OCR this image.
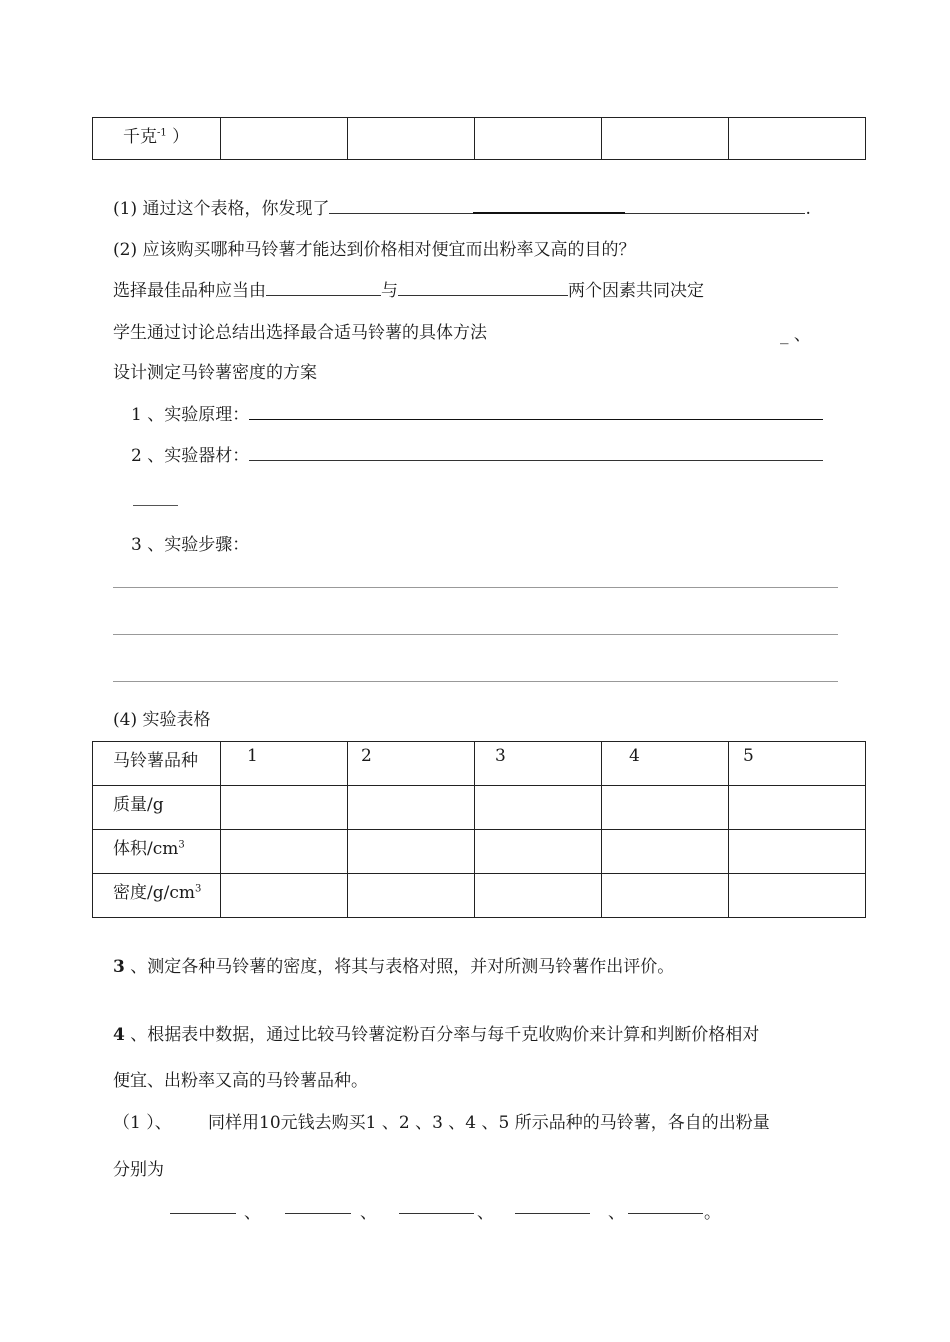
千克$^{-1}$ ）

(1) 通过这个表格，你发现了	.
(2) 应该购买哪种马铃薯才能达到价格相对便宜而出粉率又高的目的？
选择最佳品种应当由	与	两个因素共同决定
学生通过讨论总结出选择最合适马铃薯的具体方法	_ 、
设计测定马铃薯密度的方案
1 、实验原理：
2 、实验器材：
3 、实验步骤：
(4) 实验表格
马铃薯品种	1	2	3	4	5

质量/g					

体积$/cm^3$

密度$/g/cm^3$

3 、测定各种马铃薯的密度，将其与表格对照，并对所测马铃薯作出评价。
4 、根据表中数据，通过比较马铃薯淀粉百分率与每千克收购价来计算和判断价格相对
便宜、出粉率又高的马铃薯品种。
（1 ）、 同样用10元钱去购买1 、2 、3 、4 、5 所示品种的马铃薯，各自的出粉量
分别为
、	、	、	、	。
